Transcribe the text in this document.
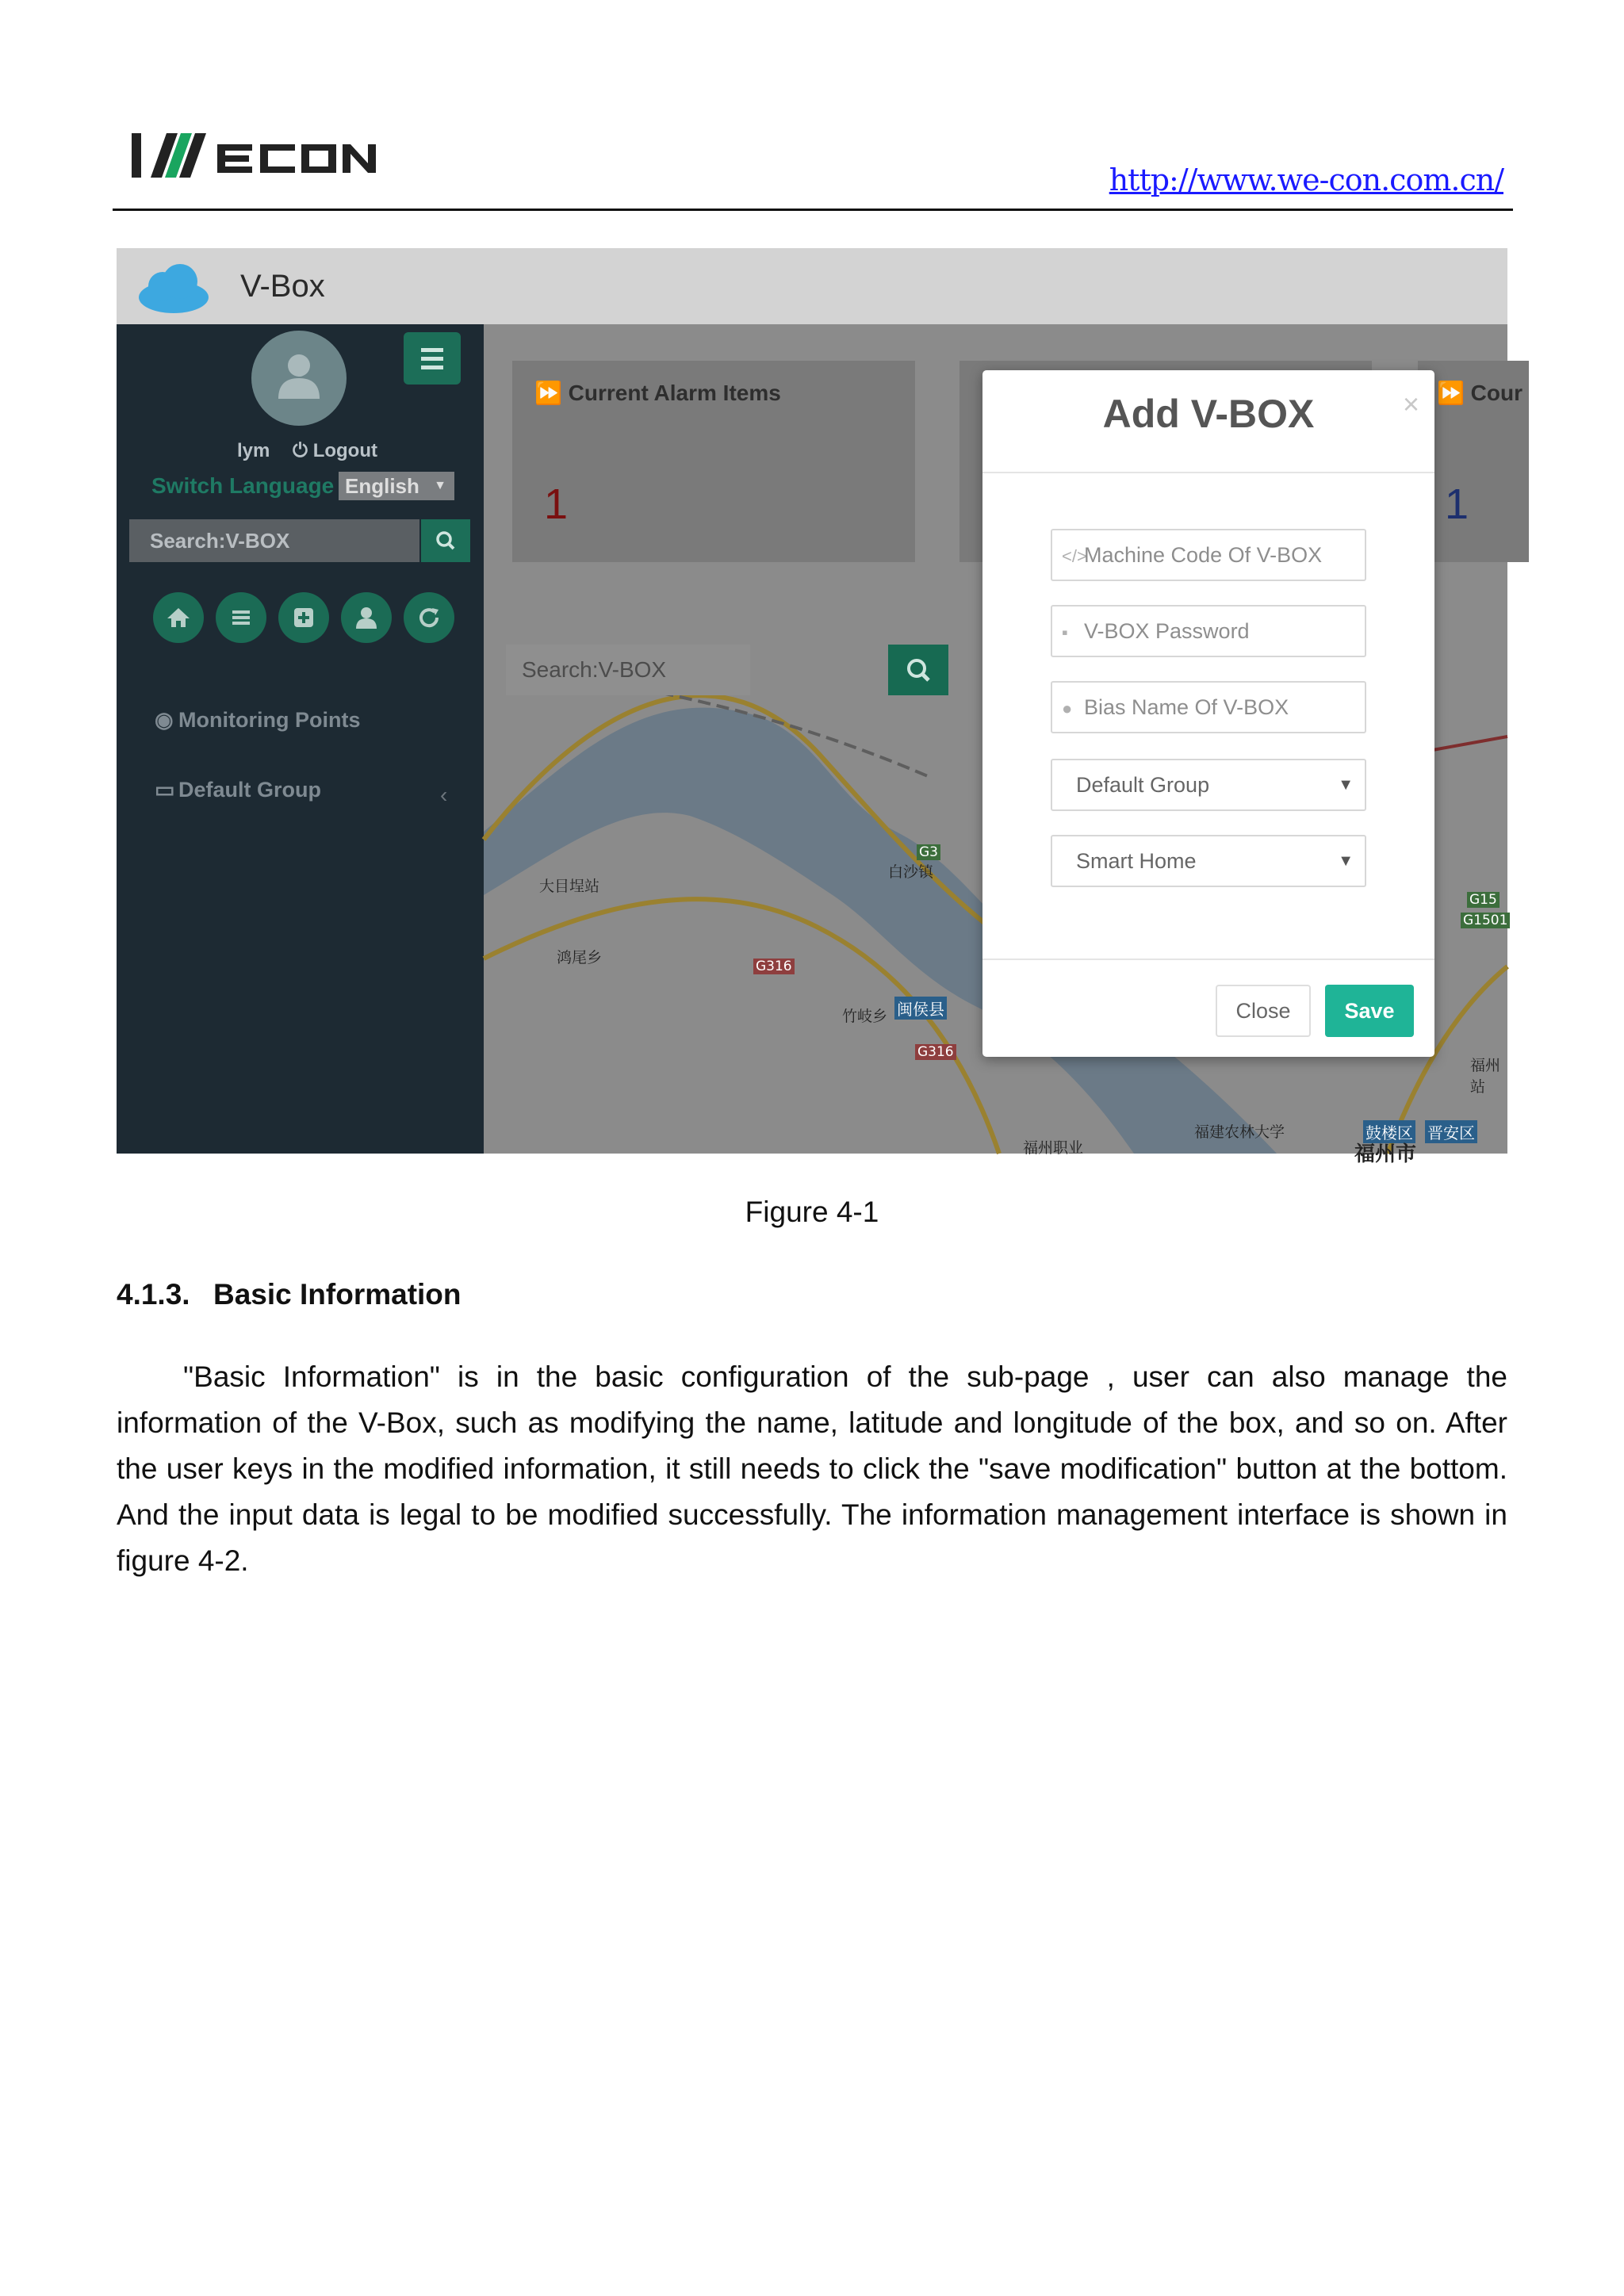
http://www.we-con.com.cn/
V-Box
lym ⏻ Logout
Switch Language English ▼
Search:V-BOX
◉ Monitoring Points
▭ Default Group	‹
⏩ Current Alarm Items
1
⏩ Cour
1
Search:V-BOX
白沙镇
大目埕站
鸿尾乡
竹岐乡 闽侯县
福建农林大学	鼓楼区 晋安区
福州市
福州职业
福州站
G3
G15
G1501
G316
G316
Add V-BOX	×
</>Machine Code Of V-BOX
▪ V-BOX Password
● Bias Name Of V-BOX
Default Group	▼
Smart Home	▼
Close	Save
Figure 4-1
4.1.3. Basic Information
"Basic Information" is in the basic configuration of the sub-page , user can also manage the information of the V-Box, such as modifying the name, latitude and longitude of the box, and so on. After the user keys in the modified information, it still needs to click the "save modification" button at the bottom. And the input data is legal to be modified successfully. The information management interface is shown in figure 4-2.
